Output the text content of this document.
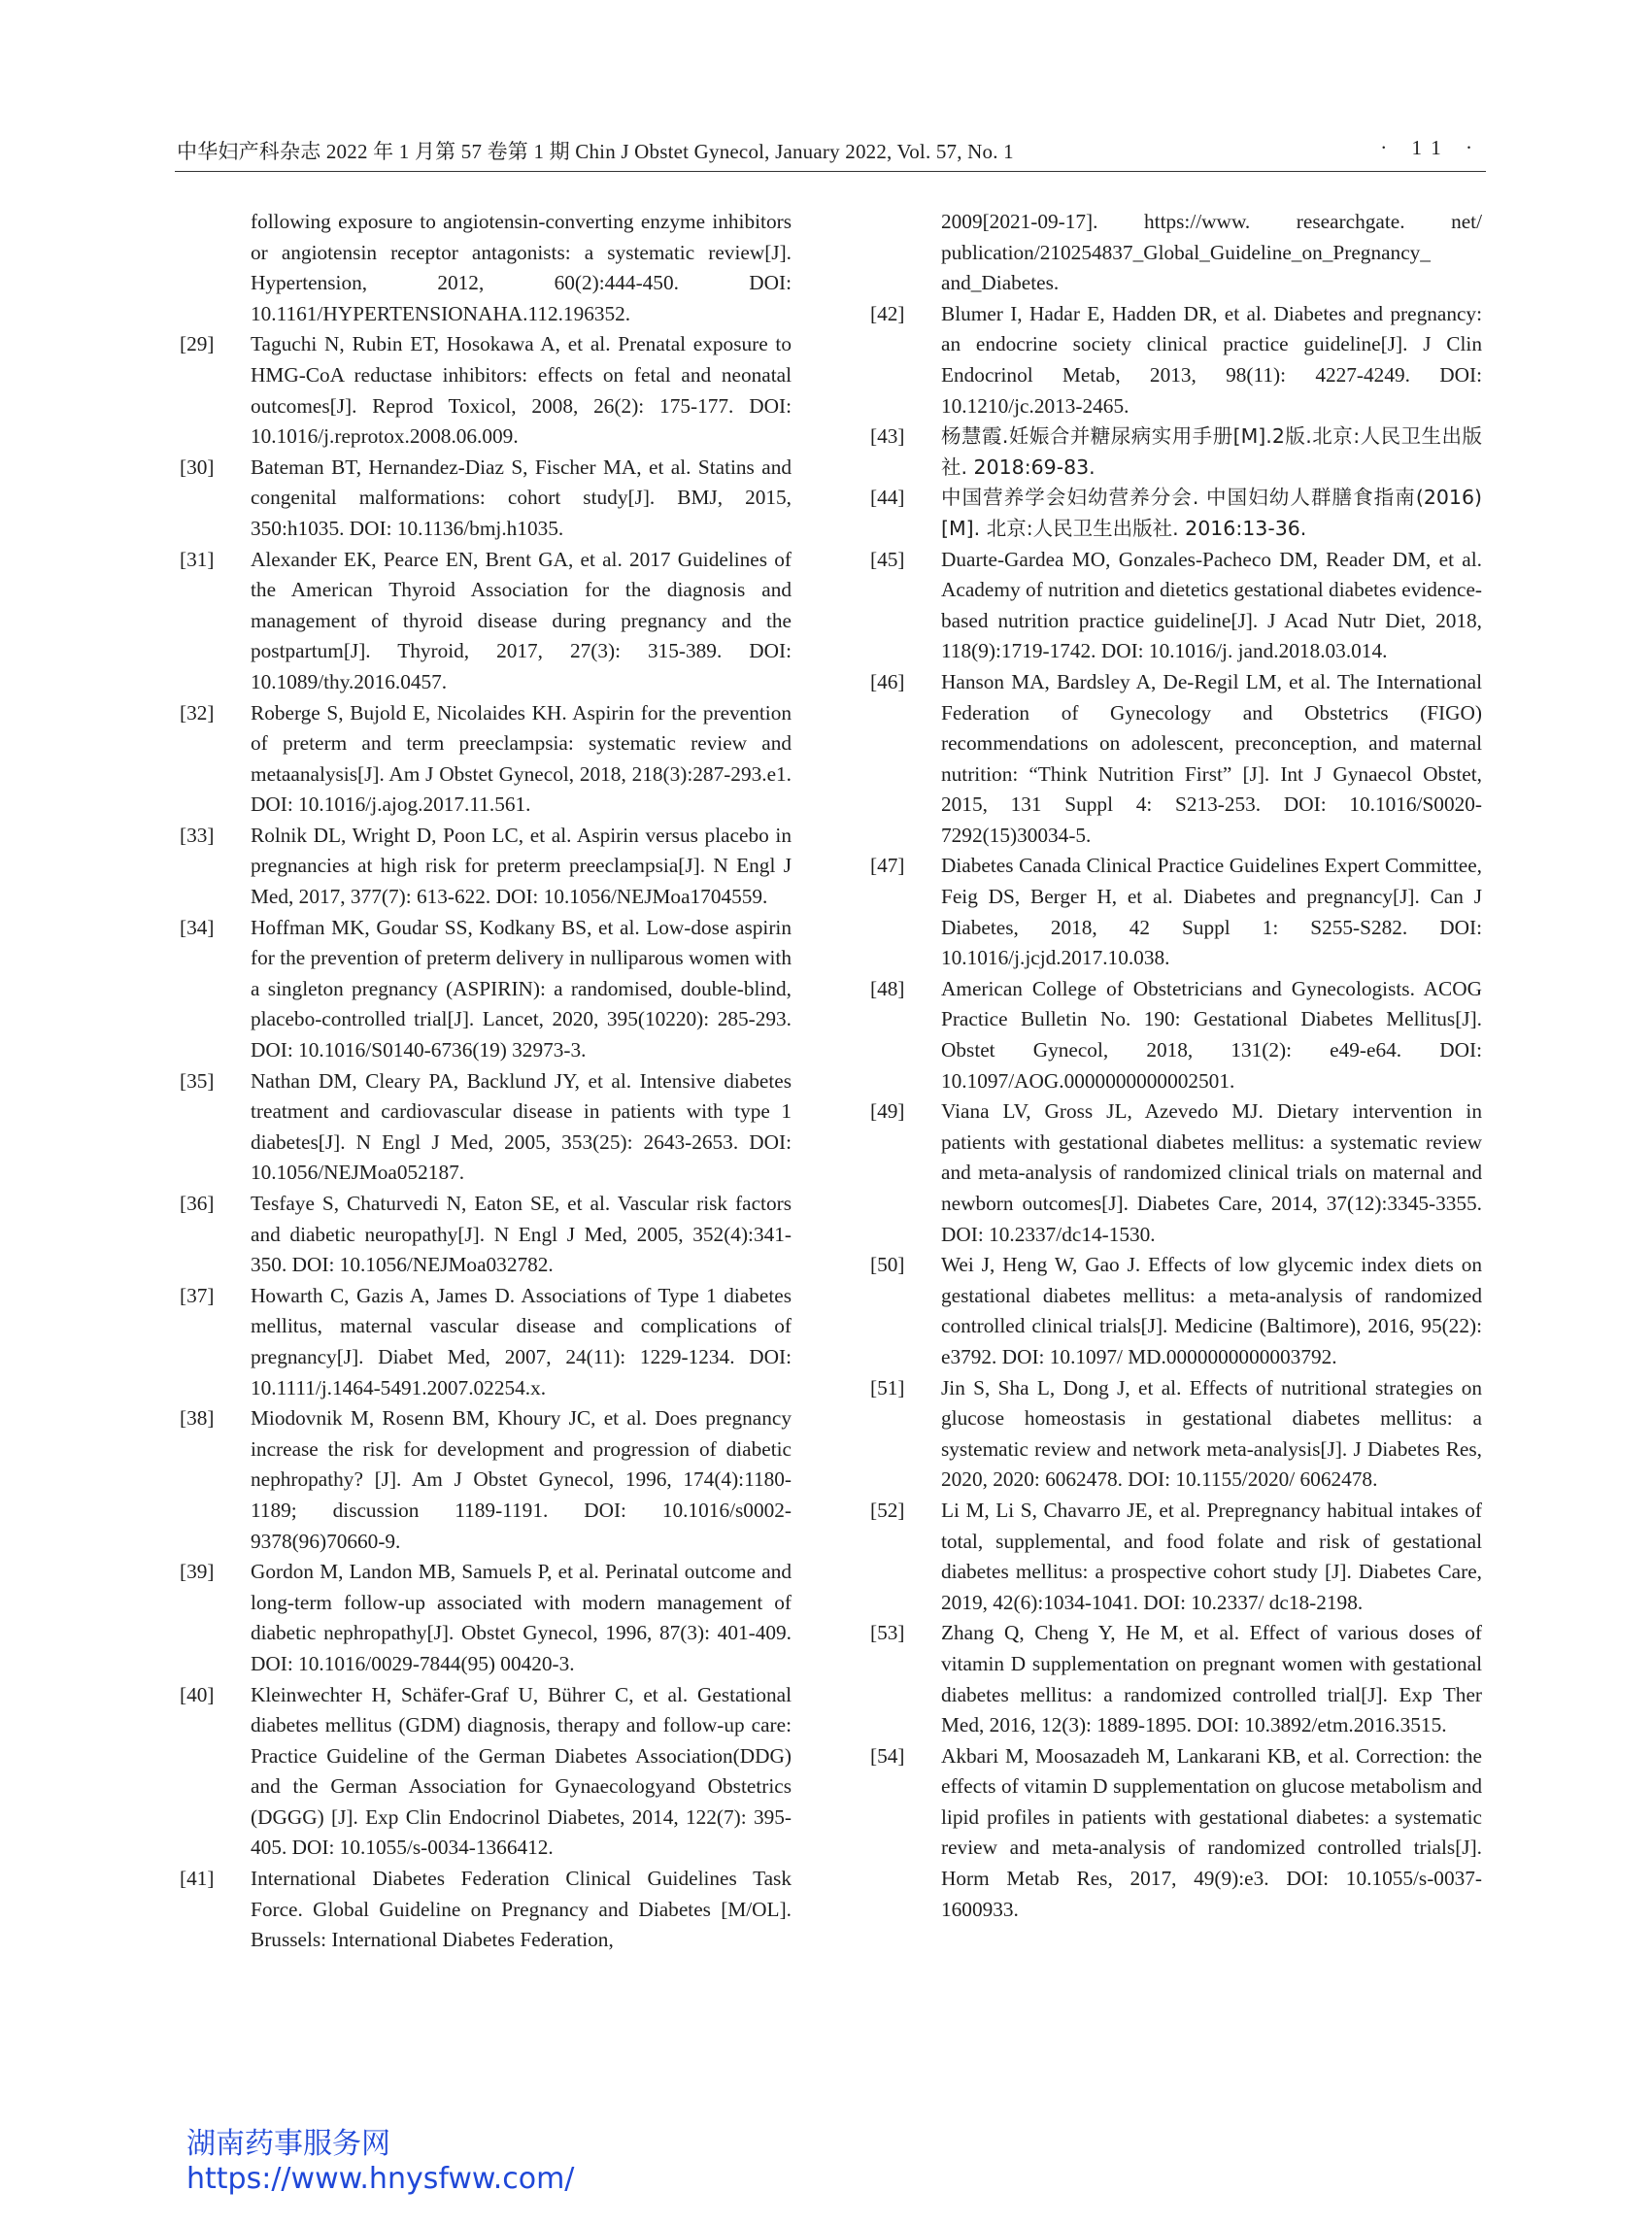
中华妇产科杂志 2022 年 1 月第 57 卷第 1 期 Chin J Obstet Gynecol, January 2022, Vol. 57, No. 1	· 11 ·
following exposure to angiotensin-converting enzyme inhibitors or angiotensin receptor antagonists: a systematic review[J]. Hypertension, 2012, 60(2):444-450. DOI: 10.1161/HYPERTENSIONAHA.112.196352.
[29]	Taguchi N, Rubin ET, Hosokawa A, et al. Prenatal exposure to HMG-CoA reductase inhibitors: effects on fetal and neonatal outcomes[J]. Reprod Toxicol, 2008, 26(2): 175-177. DOI: 10.1016/j.reprotox.2008.06.009.
[30]	Bateman BT, Hernandez-Diaz S, Fischer MA, et al. Statins and congenital malformations: cohort study[J]. BMJ, 2015, 350:h1035. DOI: 10.1136/bmj.h1035.
[31]	Alexander EK, Pearce EN, Brent GA, et al. 2017 Guidelines of the American Thyroid Association for the diagnosis and management of thyroid disease during pregnancy and the postpartum[J]. Thyroid, 2017, 27(3): 315-389. DOI: 10.1089/thy.2016.0457.
[32]	Roberge S, Bujold E, Nicolaides KH. Aspirin for the prevention of preterm and term preeclampsia: systematic review and metaanalysis[J]. Am J Obstet Gynecol, 2018, 218(3):287-293.e1. DOI: 10.1016/j.ajog.2017.11.561.
[33]	Rolnik DL, Wright D, Poon LC, et al. Aspirin versus placebo in pregnancies at high risk for preterm preeclampsia[J]. N Engl J Med, 2017, 377(7): 613-622. DOI: 10.1056/NEJMoa1704559.
[34]	Hoffman MK, Goudar SS, Kodkany BS, et al. Low-dose aspirin for the prevention of preterm delivery in nulliparous women with a singleton pregnancy (ASPIRIN): a randomised, double-blind, placebo-controlled trial[J]. Lancet, 2020, 395(10220): 285-293. DOI: 10.1016/S0140-6736(19) 32973-3.
[35]	Nathan DM, Cleary PA, Backlund JY, et al. Intensive diabetes treatment and cardiovascular disease in patients with type 1 diabetes[J]. N Engl J Med, 2005, 353(25): 2643-2653. DOI: 10.1056/NEJMoa052187.
[36]	Tesfaye S, Chaturvedi N, Eaton SE, et al. Vascular risk factors and diabetic neuropathy[J]. N Engl J Med, 2005, 352(4):341-350. DOI: 10.1056/NEJMoa032782.
[37]	Howarth C, Gazis A, James D. Associations of Type 1 diabetes mellitus, maternal vascular disease and complications of pregnancy[J]. Diabet Med, 2007, 24(11): 1229-1234. DOI: 10.1111/j.1464-5491.2007.02254.x.
[38]	Miodovnik M, Rosenn BM, Khoury JC, et al. Does pregnancy increase the risk for development and progression of diabetic nephropathy? [J]. Am J Obstet Gynecol, 1996, 174(4):1180-1189; discussion 1189-1191. DOI: 10.1016/s0002-9378(96)70660-9.
[39]	Gordon M, Landon MB, Samuels P, et al. Perinatal outcome and long-term follow-up associated with modern management of diabetic nephropathy[J]. Obstet Gynecol, 1996, 87(3): 401-409. DOI: 10.1016/0029-7844(95) 00420-3.
[40]	Kleinwechter H, Schäfer-Graf U, Bührer C, et al. Gestational diabetes mellitus (GDM) diagnosis, therapy and follow-up care: Practice Guideline of the German Diabetes Association(DDG) and the German Association for Gynaecologyand Obstetrics (DGGG) [J]. Exp Clin Endocrinol Diabetes, 2014, 122(7): 395-405. DOI: 10.1055/s-0034-1366412.
[41]	International Diabetes Federation Clinical Guidelines Task Force. Global Guideline on Pregnancy and Diabetes [M/OL]. Brussels: International Diabetes Federation,
2009[2021-09-17]. https://www. researchgate. net/ publication/210254837_Global_Guideline_on_Pregnancy_ and_Diabetes.
[42]	Blumer I, Hadar E, Hadden DR, et al. Diabetes and pregnancy: an endocrine society clinical practice guideline[J]. J Clin Endocrinol Metab, 2013, 98(11): 4227-4249. DOI: 10.1210/jc.2013-2465.
[43]	杨慧霞.妊娠合并糖尿病实用手册[M].2版.北京:人民卫生出版社. 2018:69-83.
[44]	中国营养学会妇幼营养分会. 中国妇幼人群膳食指南(2016)[M]. 北京:人民卫生出版社. 2016:13-36.
[45]	Duarte-Gardea MO, Gonzales-Pacheco DM, Reader DM, et al. Academy of nutrition and dietetics gestational diabetes evidence-based nutrition practice guideline[J]. J Acad Nutr Diet, 2018, 118(9):1719-1742. DOI: 10.1016/j. jand.2018.03.014.
[46]	Hanson MA, Bardsley A, De-Regil LM, et al. The International Federation of Gynecology and Obstetrics (FIGO) recommendations on adolescent, preconception, and maternal nutrition: “Think Nutrition First” [J]. Int J Gynaecol Obstet, 2015, 131 Suppl 4: S213-253. DOI: 10.1016/S0020-7292(15)30034-5.
[47]	Diabetes Canada Clinical Practice Guidelines Expert Committee, Feig DS, Berger H, et al. Diabetes and pregnancy[J]. Can J Diabetes, 2018, 42 Suppl 1: S255-S282. DOI: 10.1016/j.jcjd.2017.10.038.
[48]	American College of Obstetricians and Gynecologists. ACOG Practice Bulletin No. 190: Gestational Diabetes Mellitus[J]. Obstet Gynecol, 2018, 131(2): e49-e64. DOI: 10.1097/AOG.0000000000002501.
[49]	Viana LV, Gross JL, Azevedo MJ. Dietary intervention in patients with gestational diabetes mellitus: a systematic review and meta-analysis of randomized clinical trials on maternal and newborn outcomes[J]. Diabetes Care, 2014, 37(12):3345-3355. DOI: 10.2337/dc14-1530.
[50]	Wei J, Heng W, Gao J. Effects of low glycemic index diets on gestational diabetes mellitus: a meta-analysis of randomized controlled clinical trials[J]. Medicine (Baltimore), 2016, 95(22): e3792. DOI: 10.1097/ MD.0000000000003792.
[51]	Jin S, Sha L, Dong J, et al. Effects of nutritional strategies on glucose homeostasis in gestational diabetes mellitus: a systematic review and network meta-analysis[J]. J Diabetes Res, 2020, 2020: 6062478. DOI: 10.1155/2020/ 6062478.
[52]	Li M, Li S, Chavarro JE, et al. Prepregnancy habitual intakes of total, supplemental, and food folate and risk of gestational diabetes mellitus: a prospective cohort study [J]. Diabetes Care, 2019, 42(6):1034-1041. DOI: 10.2337/ dc18-2198.
[53]	Zhang Q, Cheng Y, He M, et al. Effect of various doses of vitamin D supplementation on pregnant women with gestational diabetes mellitus: a randomized controlled trial[J]. Exp Ther Med, 2016, 12(3): 1889-1895. DOI: 10.3892/etm.2016.3515.
[54]	Akbari M, Moosazadeh M, Lankarani KB, et al. Correction: the effects of vitamin D supplementation on glucose metabolism and lipid profiles in patients with gestational diabetes: a systematic review and meta-analysis of randomized controlled trials[J]. Horm Metab Res, 2017, 49(9):e3. DOI: 10.1055/s-0037-1600933.
湖南药事服务网
https://www.hnysfww.com/
